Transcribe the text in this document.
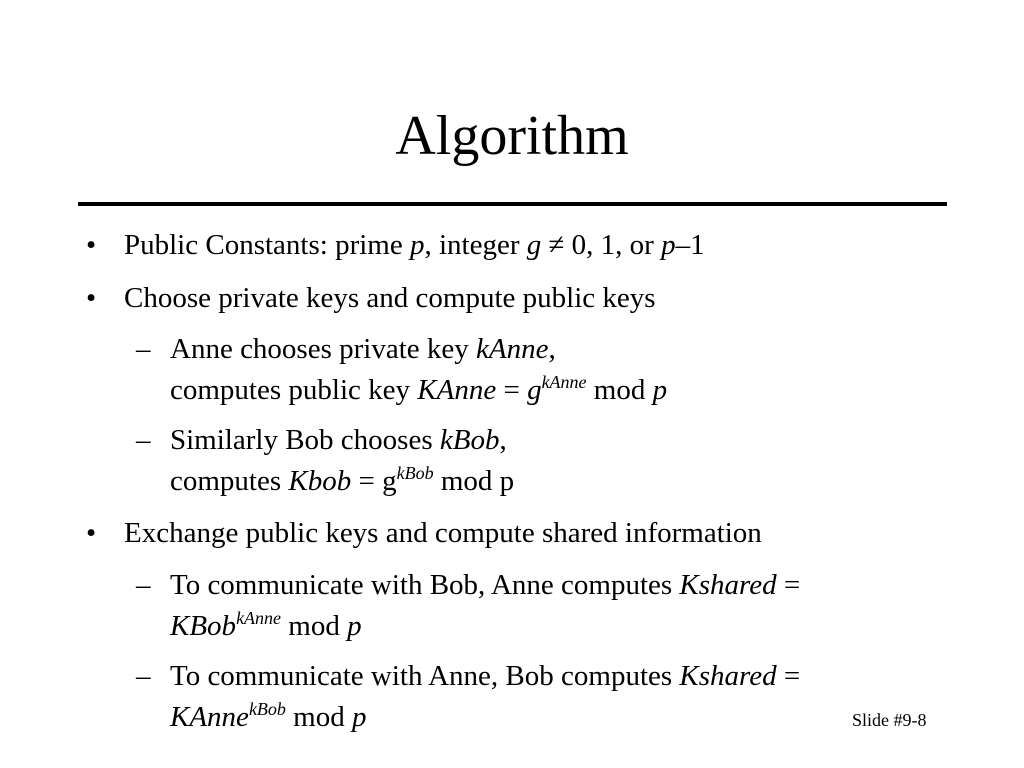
Algorithm
• Public Constants: prime p, integer g ≠ 0, 1, or p–1
• Choose private keys and compute public keys
– Anne chooses private key kAnne,
computes public key KAnne = $g^{kAnne}$ mod p
– Similarly Bob chooses kBob,
computes Kbob = $g^{kBob}$ mod p
• Exchange public keys and compute shared information
– To communicate with Bob, Anne computes Kshared =
KBob$^{kAnne}$ mod p
– To communicate with Anne, Bob computes Kshared =
KAnne$^{kBob}$ mod p	Slide #9-8
